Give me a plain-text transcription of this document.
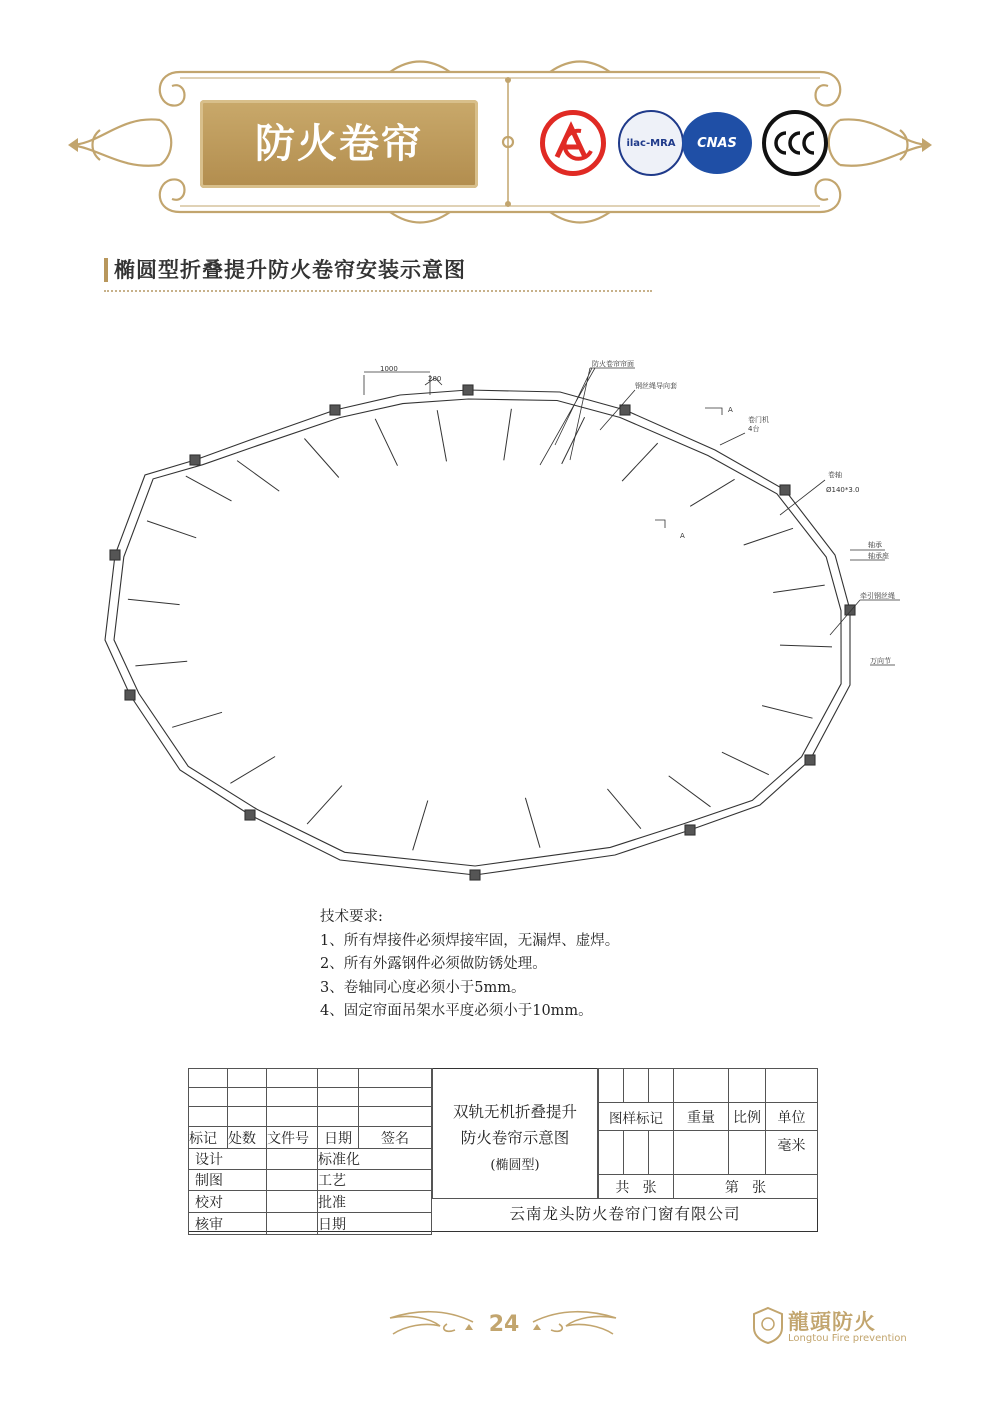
防火卷帘	ilac-MRA CNAS
椭圆型折叠提升防火卷帘安装示意图
1000
200
防火卷帘帘面
钢丝绳导向套
A
卷门机
4台
卷轴
Ø140*3.0
A
轴承
轴承座
牵引钢丝绳
万向节
技术要求:
1、所有焊接件必须焊接牢固，无漏焊、虚焊。
2、所有外露钢件必须做防锈处理。
3、卷轴同心度必须小于5mm。
4、固定帘面吊架水平度必须小于10mm。

标记	处数	文件号	日期	签名
设计			标准化	
制图			工艺	
校对			批准	
核审			日期	
双轨无机折叠提升
防火卷帘示意图
(椭圆型)

图样标记			重量	比例	单位
					毫米
共 张			第 张		
云南龙头防火卷帘门窗有限公司
24	龍頭防火
Longtou Fire prevention
